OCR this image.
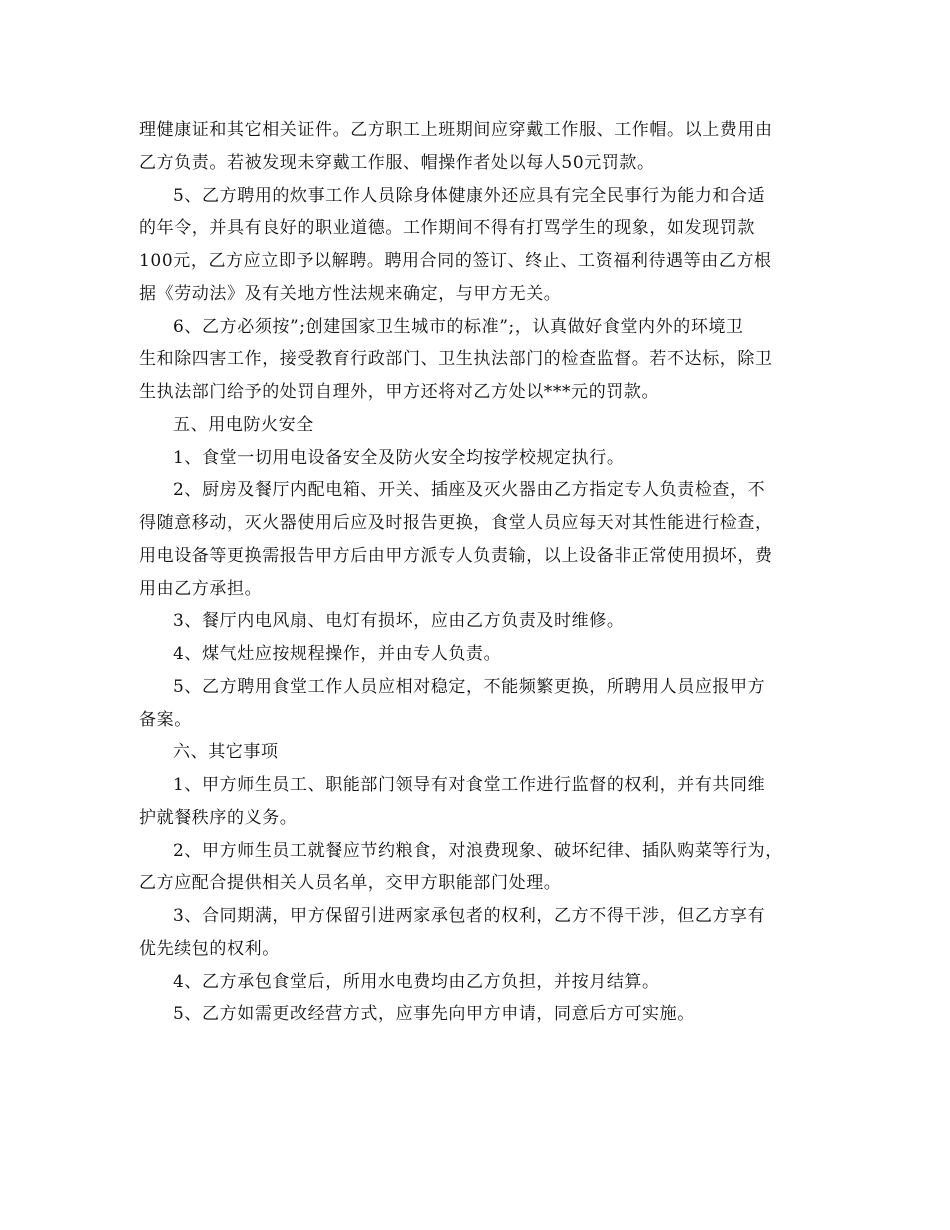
理健康证和其它相关证件。乙方职工上班期间应穿戴工作服、工作帽。以上费用由
乙方负责。若被发现未穿戴工作服、帽操作者处以每人50元罚款。
5、乙方聘用的炊事工作人员除身体健康外还应具有完全民事行为能力和合适
的年令，并具有良好的职业道德。工作期间不得有打骂学生的现象，如发现罚款
100元，乙方应立即予以解聘。聘用合同的签订、终止、工资福利待遇等由乙方根
据《劳动法》及有关地方性法规来确定，与甲方无关。
6、乙方必须按”;创建国家卫生城市的标准”;，认真做好食堂内外的环境卫
生和除四害工作，接受教育行政部门、卫生执法部门的检查监督。若不达标，除卫
生执法部门给予的处罚自理外，甲方还将对乙方处以***元的罚款。
五、用电防火安全
1、食堂一切用电设备安全及防火安全均按学校规定执行。
2、厨房及餐厅内配电箱、开关、插座及灭火器由乙方指定专人负责检查，不
得随意移动，灭火器使用后应及时报告更换，食堂人员应每天对其性能进行检查，
用电设备等更换需报告甲方后由甲方派专人负责输，以上设备非正常使用损坏，费
用由乙方承担。
3、餐厅内电风扇、电灯有损坏，应由乙方负责及时维修。
4、煤气灶应按规程操作，并由专人负责。
5、乙方聘用食堂工作人员应相对稳定，不能频繁更换，所聘用人员应报甲方
备案。
六、其它事项
1、甲方师生员工、职能部门领导有对食堂工作进行监督的权利，并有共同维
护就餐秩序的义务。
2、甲方师生员工就餐应节约粮食，对浪费现象、破坏纪律、插队购菜等行为，
乙方应配合提供相关人员名单，交甲方职能部门处理。
3、合同期满，甲方保留引进两家承包者的权利，乙方不得干涉，但乙方享有
优先续包的权利。
4、乙方承包食堂后，所用水电费均由乙方负担，并按月结算。
5、乙方如需更改经营方式，应事先向甲方申请，同意后方可实施。
